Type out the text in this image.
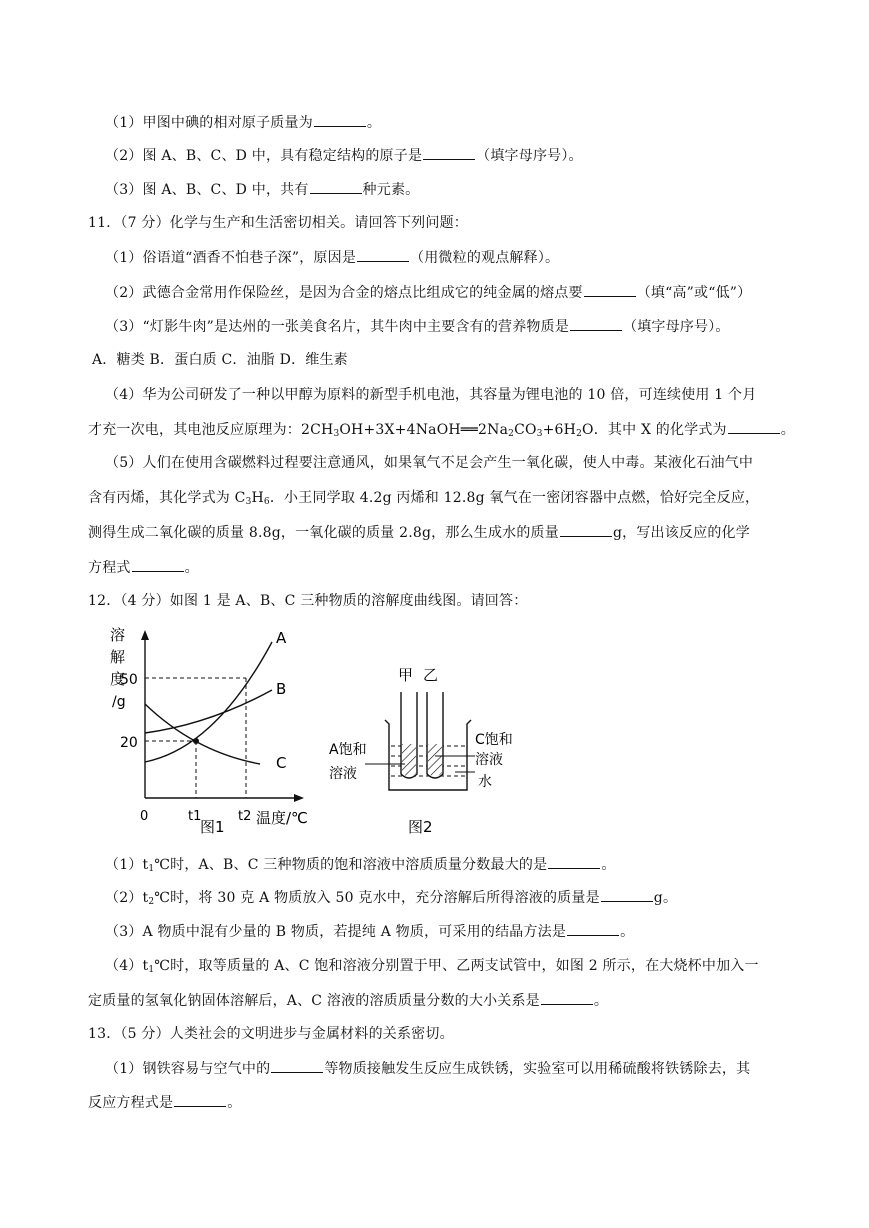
（1）甲图中碘的相对原子质量为	。
（2）图 A、B、C、D 中，具有稳定结构的原子是	（填字母序号）。
（3）图 A、B、C、D 中，共有	种元素。
11．（7 分）化学与生产和生活密切相关。请回答下列问题：
（1）俗语道“酒香不怕巷子深”，原因是	（用微粒的观点解释）。
（2）武德合金常用作保险丝，是因为合金的熔点比组成它的纯金属的熔点要	（填“高”或“低”）
（3）“灯影牛肉”是达州的一张美食名片，其牛肉中主要含有的营养物质是	（填字母序号）。
A．糖类 B．蛋白质 C．油脂 D．维生素
（4）华为公司研发了一种以甲醇为原料的新型手机电池，其容量为锂电池的 10 倍，可连续使用 1 个月
才充一次电，其电池反应原理为：$2CH_3OH+3X+4NaOH══2Na_2CO_3+6H_2O$．其中 X 的化学式为	。
（5）人们在使用含碳燃料过程要注意通风，如果氧气不足会产生一氧化碳，使人中毒。某液化石油气中
含有丙烯，其化学式为 $C_3H_6$．小王同学取 4.2g 丙烯和 12.8g 氧气在一密闭容器中点燃，恰好完全反应，
测得生成二氧化碳的质量 8.8g，一氧化碳的质量 2.8g，那么生成水的质量	g，写出该反应的化学
方程式	。
12．（4 分）如图 1 是 A、B、C 三种物质的溶解度曲线图。请回答：
溶
解
度
/g
50
20
0	t1	t2 温度/℃
A
B
C
图1
甲 乙
A饱和
溶液
C饱和
溶液
水
图2
$(1)t_1℃$时，A、B、C 三种物质的饱和溶液中溶质质量分数最大的是	。
$(2)t_2℃$时，将 30 克 A 物质放入 50 克水中，充分溶解后所得溶液的质量是	g。
（3）A 物质中混有少量的 B 物质，若提纯 A 物质，可采用的结晶方法是	。
$(4)t_1℃$时，取等质量的 A、C 饱和溶液分别置于甲、乙两支试管中，如图 2 所示，在大烧杯中加入一
定质量的氢氧化钠固体溶解后，A、C 溶液的溶质质量分数的大小关系是	。
13．（5 分）人类社会的文明进步与金属材料的关系密切。
（1）钢铁容易与空气中的	等物质接触发生反应生成铁锈，实验室可以用稀硫酸将铁锈除去，其
反应方程式是	。
